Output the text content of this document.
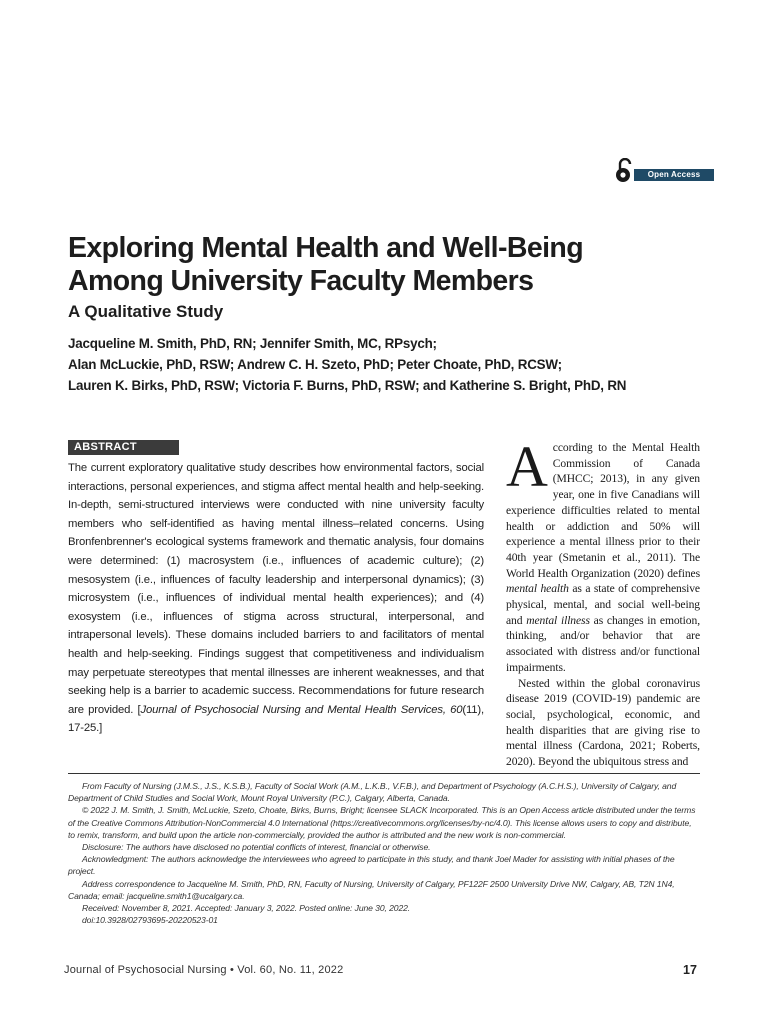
Open Access
Exploring Mental Health and Well-Being
Among University Faculty Members
A Qualitative Study
Jacqueline M. Smith, PhD, RN; Jennifer Smith, MC, RPsych;
Alan McLuckie, PhD, RSW; Andrew C. H. Szeto, PhD; Peter Choate, PhD, RCSW;
Lauren K. Birks, PhD, RSW; Victoria F. Burns, PhD, RSW; and Katherine S. Bright, PhD, RN
ABSTRACT
The current exploratory qualitative study describes how environmental factors, social interactions, personal experiences, and stigma affect mental health and help-seeking. In-depth, semi-structured interviews were conducted with nine university faculty members who self-identified as having mental illness–related concerns. Using Bronfenbrenner's ecological systems framework and thematic analysis, four domains were determined: (1) macrosystem (i.e., influences of academic culture); (2) mesosystem (i.e., influences of faculty leadership and interpersonal dynamics); (3) microsystem (i.e., influences of individual mental health experiences); and (4) exosystem (i.e., influences of stigma across structural, interpersonal, and intrapersonal levels). These domains included barriers to and facilitators of mental health and help-seeking. Findings suggest that competitiveness and individualism may perpetuate stereotypes that mental illnesses are inherent weaknesses, and that seeking help is a barrier to academic success. Recommendations for future research are provided. [Journal of Psychosocial Nursing and Mental Health Services, 60(11), 17-25.]

According to the Mental Health Commission of Canada (MHCC; 2013), in any given year, one in five Canadians will experience difficulties related to mental health or addiction and 50% will experience a mental illness prior to their 40th year (Smetanin et al., 2011). The World Health Organization (2020) defines mental health as a state of comprehensive physical, mental, and social well-being and mental illness as changes in emotion, thinking, and/or behavior that are associated with distress and/or functional impairments.

Nested within the global coronavirus disease 2019 (COVID-19) pandemic are social, psychological, economic, and health disparities that are giving rise to mental illness (Cardona, 2021; Roberts, 2020). Beyond the ubiquitous stress and

From Faculty of Nursing (J.M.S., J.S., K.S.B.), Faculty of Social Work (A.M., L.K.B., V.F.B.), and Department of Psychology (A.C.H.S.), University of Calgary, and Department of Child Studies and Social Work, Mount Royal University (P.C.), Calgary, Alberta, Canada.

© 2022 J. M. Smith, J. Smith, McLuckie, Szeto, Choate, Birks, Burns, Bright; licensee SLACK Incorporated. This is an Open Access article distributed under the terms of the Creative Commons Attribution-NonCommercial 4.0 International (https://creativecommons.org/licenses/by-nc/4.0). This license allows users to copy and distribute, to remix, transform, and build upon the article non-commercially, provided the author is attributed and the new work is non-commercial.

Disclosure: The authors have disclosed no potential conflicts of interest, financial or otherwise.

Acknowledgment: The authors acknowledge the interviewees who agreed to participate in this study, and thank Joel Mader for assisting with initial phases of the project.

Address correspondence to Jacqueline M. Smith, PhD, RN, Faculty of Nursing, University of Calgary, PF122F 2500 University Drive NW, Calgary, AB, T2N 1N4, Canada; email: jacqueline.smith1@ucalgary.ca.

Received: November 8, 2021. Accepted: January 3, 2022. Posted online: June 30, 2022.

doi:10.3928/02793695-20220523-01

Journal of Psychosocial Nursing • Vol. 60, No. 11, 2022	17
